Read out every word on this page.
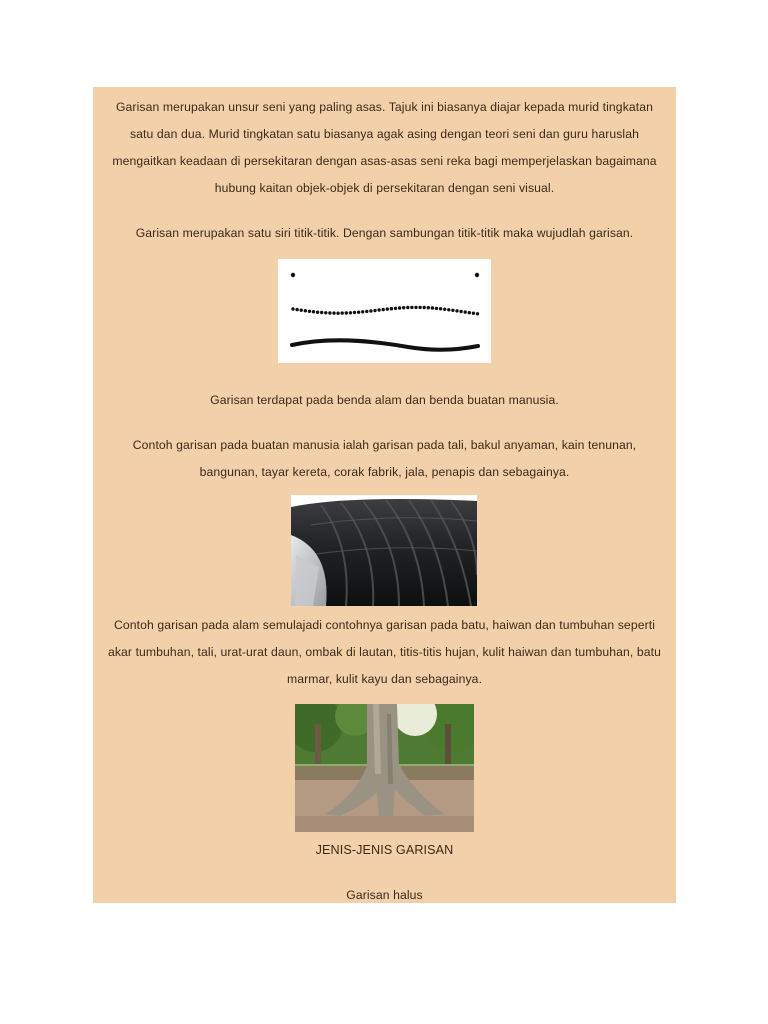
Garisan merupakan unsur seni yang paling asas. Tajuk ini biasanya diajar kepada murid tingkatan
satu dan dua. Murid tingkatan satu biasanya agak asing dengan teori seni dan guru haruslah
mengaitkan keadaan di persekitaran dengan asas-asas seni reka bagi memperjelaskan bagaimana
hubung kaitan objek-objek di persekitaran dengan seni visual.
Garisan merupakan satu siri titik-titik. Dengan sambungan titik-titik maka wujudlah garisan.
Garisan terdapat pada benda alam dan benda buatan manusia.
Contoh garisan pada buatan manusia ialah garisan pada tali, bakul anyaman, kain tenunan,
bangunan, tayar kereta, corak fabrik, jala, penapis dan sebagainya.
Contoh garisan pada alam semulajadi contohnya garisan pada batu, haiwan dan tumbuhan seperti
akar tumbuhan, tali, urat-urat daun, ombak di lautan, titis-titis hujan, kulit haiwan dan tumbuhan, batu
marmar, kulit kayu dan sebagainya.
JENIS-JENIS GARISAN
Garisan halus
